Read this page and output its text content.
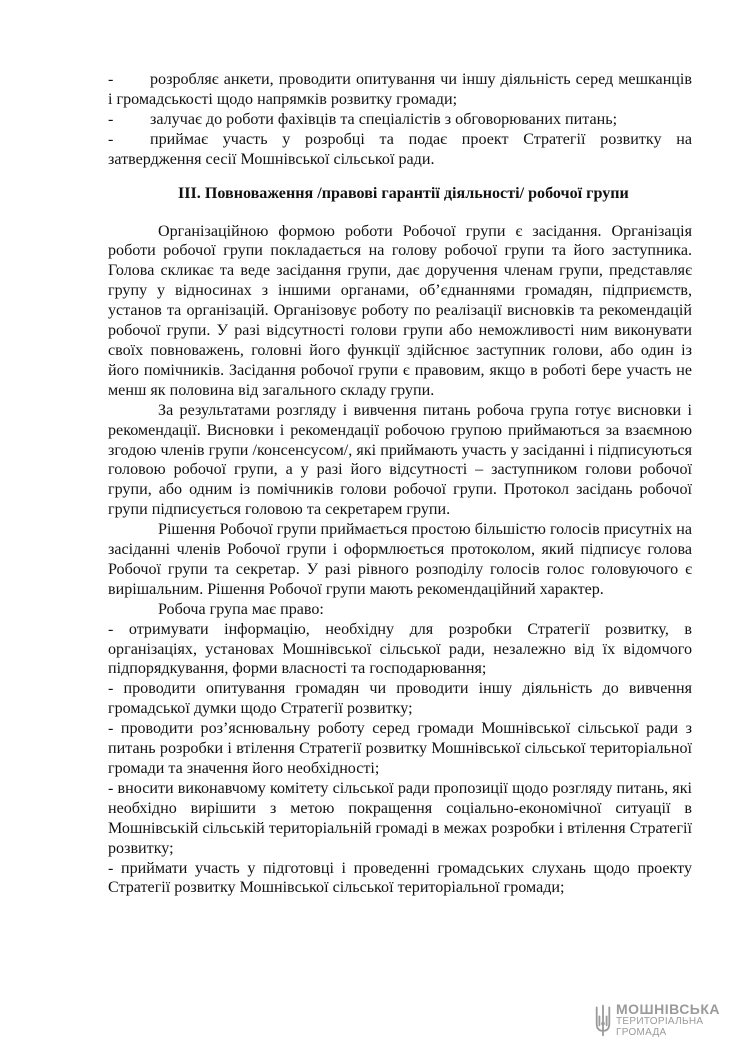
-	розробляє анкети, проводити опитування чи іншу діяльність серед мешканців і громадськості щодо напрямків розвитку громади;
-	залучає до роботи фахівців та спеціалістів з обговорюваних питань;
-	приймає участь у розробці та подає проект Стратегії розвитку на затвердження сесії Мошнівської сільської ради.
ІІІ. Повноваження /правові гарантії діяльності/ робочої групи

Організаційною формою роботи Робочої групи є засідання. Організація роботи робочої групи покладається на голову робочої групи та його заступника. Голова скликає та веде засідання групи, дає доручення членам групи, представляє групу у відносинах з іншими органами, об’єднаннями громадян, підприємств, установ та організацій. Організовує роботу по реалізації висновків та рекомендацій робочої групи. У разі відсутності голови групи або неможливості ним виконувати своїх повноважень, головні його функції здійснює заступник голови, або один із його помічників. Засідання робочої групи є правовим, якщо в роботі бере участь не менш як половина від загального складу групи.

За результатами розгляду і вивчення питань робоча група готує висновки і рекомендації. Висновки і рекомендації робочою групою приймаються за взаємною згодою членів групи /консенсусом/, які приймають участь у засіданні і підписуються головою робочої групи, а у разі його відсутності – заступником голови робочої групи, або одним із помічників голови робочої групи. Протокол засідань робочої групи підписується головою та секретарем групи.

Рішення Робочої групи приймається простою більшістю голосів присутніх на засіданні членів Робочої групи і оформлюється протоколом, який підписує голова Робочої групи та секретар. У разі рівного розподілу голосів голос головуючого є вирішальним. Рішення Робочої групи мають рекомендаційний характер.

Робоча група має право:

- отримувати інформацію, необхідну для розробки Стратегії розвитку, в організаціях, установах Мошнівської сільської ради, незалежно від їх відомчого підпорядкування, форми власності та господарювання;
- проводити опитування громадян чи проводити іншу діяльність до вивчення громадської думки щодо Стратегії розвитку;
- проводити роз’яснювальну роботу серед громади Мошнівської сільської ради з питань розробки і втілення Стратегії розвитку Мошнівської сільської територіальної громади та значення його необхідності;
- вносити виконавчому комітету сільської ради пропозиції щодо розгляду питань, які необхідно вирішити з метою покращення соціально-економічної ситуації в Мошнівській сільській територіальній громаді в межах розробки і втілення Стратегії розвитку;
- приймати участь у підготовці і проведенні громадських слухань щодо проекту Стратегії розвитку Мошнівської сільської територіальної громади;
МОШНІВСЬКА
ТЕРИТОРІАЛЬНА
ГРОМАДА
